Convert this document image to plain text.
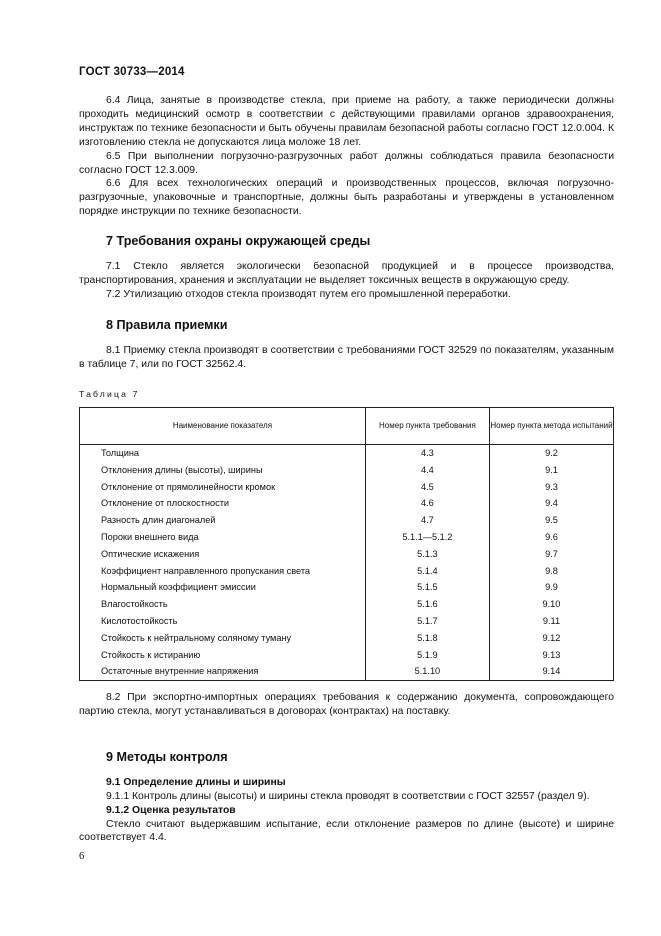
ГОСТ 30733—2014

6.4 Лица, занятые в производстве стекла, при приеме на работу, а также периодически должны проходить медицинский осмотр в соответствии с действующими правилами органов здравоохранения, инструктаж по технике безопасности и быть обучены правилам безопасной работы согласно ГОСТ 12.0.004. К изготовлению стекла не допускаются лица моложе 18 лет.

6.5 При выполнении погрузочно-разгрузочных работ должны соблюдаться правила безопасности согласно ГОСТ 12.3.009.

6.6 Для всех технологических операций и производственных процессов, включая погрузочно-разгрузочные, упаковочные и транспортные, должны быть разработаны и утверждены в установленном порядке инструкции по технике безопасности.

7 Требования охраны окружающей среды

7.1 Стекло является экологически безопасной продукцией и в процессе производства, транспортирования, хранения и эксплуатации не выделяет токсичных веществ в окружающую среду.

7.2 Утилизацию отходов стекла производят путем его промышленной переработки.

8 Правила приемки

8.1 Приемку стекла производят в соответствии с требованиями ГОСТ 32529 по показателям, указанным в таблице 7, или по ГОСТ 32562.4.

Таблица 7
Наименование показателя	Номер пункта требования	Номер пункта метода испытаний
Толщина	4.3	9.2
Отклонения длины (высоты), ширины	4.4	9.1
Отклонение от прямолинейности кромок	4.5	9.3
Отклонение от плоскостности	4.6	9.4
Разность длин диагоналей	4.7	9.5
Пороки внешнего вида	5.1.1—5.1.2	9.6
Оптические искажения	5.1.3	9.7
Коэффициент направленного пропускания света	5.1.4	9.8
Нормальный коэффициент эмиссии	5.1.5	9.9
Влагостойкость	5.1.6	9.10
Кислотостойкость	5.1.7	9.11
Стойкость к нейтральному соляному туману	5.1.8	9.12
Стойкость к истиранию	5.1.9	9.13
Остаточные внутренние напряжения	5.1.10	9.14

8.2 При экспортно-импортных операциях требования к содержанию документа, сопровождающего партию стекла, могут устанавливаться в договорах (контрактах) на поставку.

9 Методы контроля
9.1 Определение длины и ширины

9.1.1 Контроль длины (высоты) и ширины стекла проводят в соответствии с ГОСТ 32557 (раздел 9).

9.1.2 Оценка результатов

Стекло считают выдержавшим испытание, если отклонение размеров по длине (высоте) и ширине соответствует 4.4.

6
